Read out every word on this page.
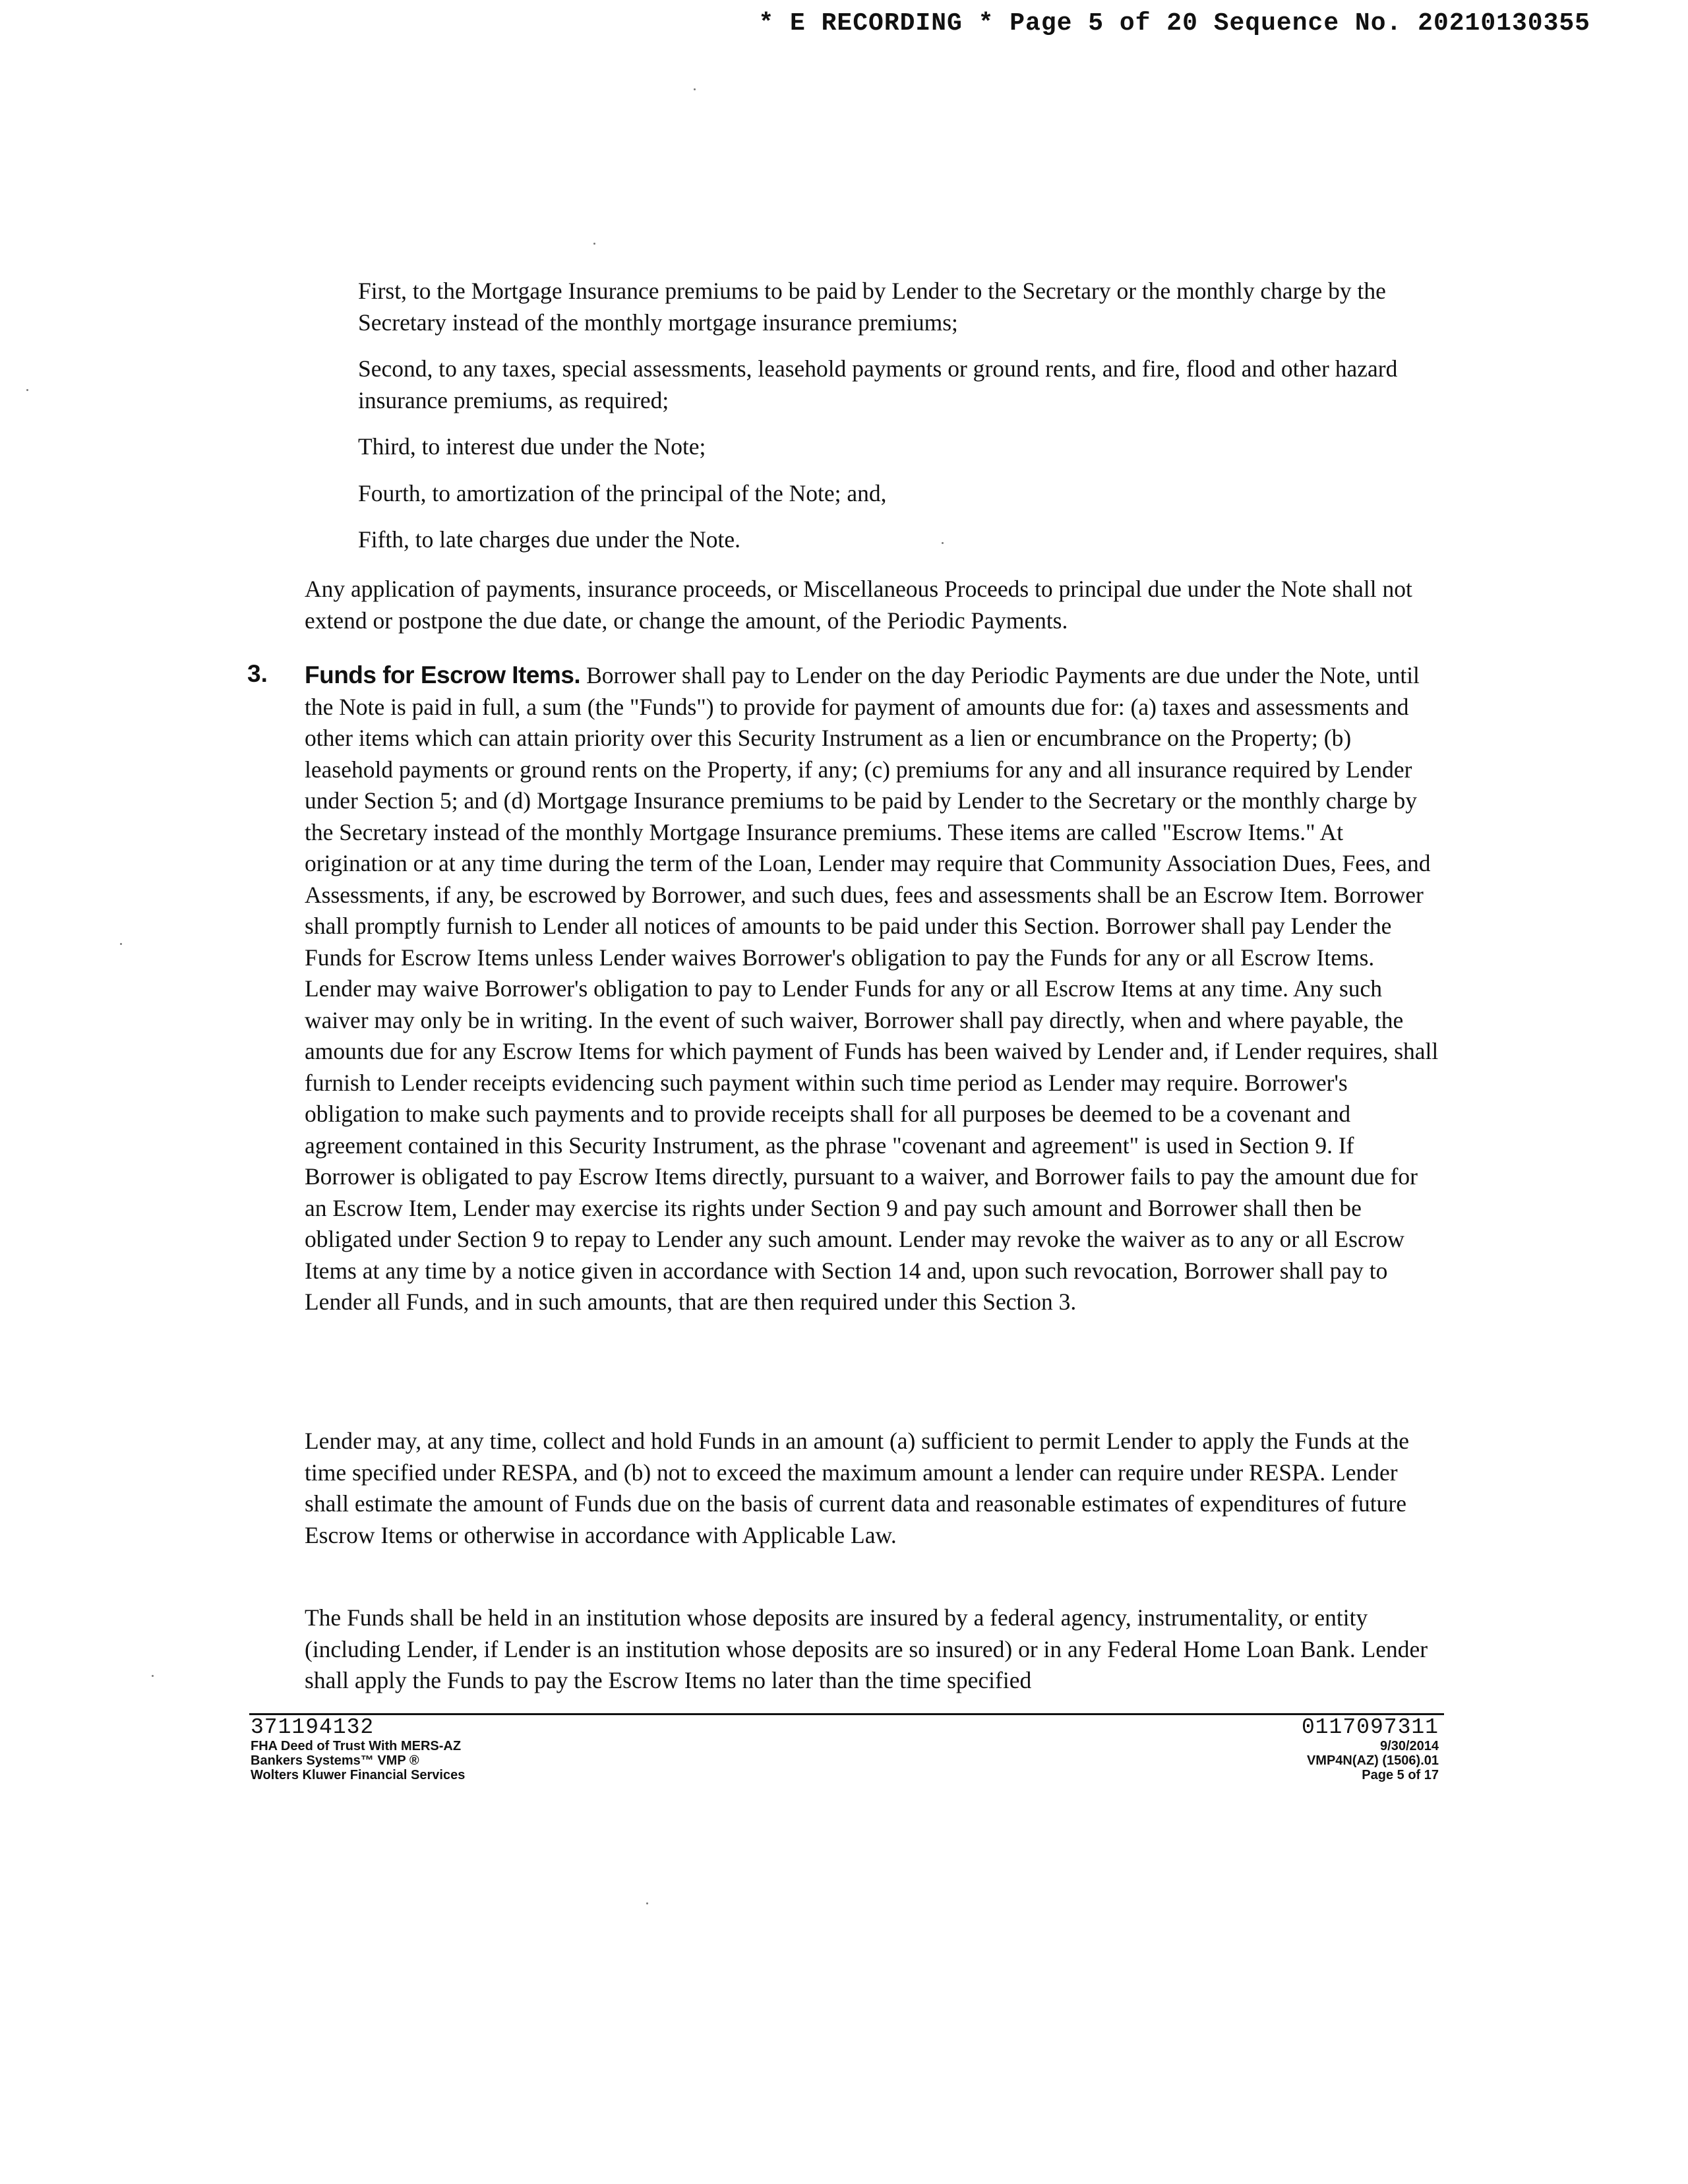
* E RECORDING * Page 5 of 20 Sequence No. 20210130355
First, to the Mortgage Insurance premiums to be paid by Lender to the Secretary or the monthly charge by the Secretary instead of the monthly mortgage insurance premiums;
Second, to any taxes, special assessments, leasehold payments or ground rents, and fire, flood and other hazard insurance premiums, as required;
Third, to interest due under the Note;
Fourth, to amortization of the principal of the Note; and,
Fifth, to late charges due under the Note.

Any application of payments, insurance proceeds, or Miscellaneous Proceeds to principal due under the Note shall not extend or postpone the due date, or change the amount, of the Periodic Payments.

3. Funds for Escrow Items. Borrower shall pay to Lender on the day Periodic Payments are due under the Note, until the Note is paid in full, a sum (the "Funds") to provide for payment of amounts due for: (a) taxes and assessments and other items which can attain priority over this Security Instrument as a lien or encumbrance on the Property; (b) leasehold payments or ground rents on the Property, if any; (c) premiums for any and all insurance required by Lender under Section 5; and (d) Mortgage Insurance premiums to be paid by Lender to the Secretary or the monthly charge by the Secretary instead of the monthly Mortgage Insurance premiums. These items are called "Escrow Items." At origination or at any time during the term of the Loan, Lender may require that Community Association Dues, Fees, and Assessments, if any, be escrowed by Borrower, and such dues, fees and assessments shall be an Escrow Item. Borrower shall promptly furnish to Lender all notices of amounts to be paid under this Section. Borrower shall pay Lender the Funds for Escrow Items unless Lender waives Borrower's obligation to pay the Funds for any or all Escrow Items. Lender may waive Borrower's obligation to pay to Lender Funds for any or all Escrow Items at any time. Any such waiver may only be in writing. In the event of such waiver, Borrower shall pay directly, when and where payable, the amounts due for any Escrow Items for which payment of Funds has been waived by Lender and, if Lender requires, shall furnish to Lender receipts evidencing such payment within such time period as Lender may require. Borrower's obligation to make such payments and to provide receipts shall for all purposes be deemed to be a covenant and agreement contained in this Security Instrument, as the phrase "covenant and agreement" is used in Section 9. If Borrower is obligated to pay Escrow Items directly, pursuant to a waiver, and Borrower fails to pay the amount due for an Escrow Item, Lender may exercise its rights under Section 9 and pay such amount and Borrower shall then be obligated under Section 9 to repay to Lender any such amount. Lender may revoke the waiver as to any or all Escrow Items at any time by a notice given in accordance with Section 14 and, upon such revocation, Borrower shall pay to Lender all Funds, and in such amounts, that are then required under this Section 3.

Lender may, at any time, collect and hold Funds in an amount (a) sufficient to permit Lender to apply the Funds at the time specified under RESPA, and (b) not to exceed the maximum amount a lender can require under RESPA. Lender shall estimate the amount of Funds due on the basis of current data and reasonable estimates of expenditures of future Escrow Items or otherwise in accordance with Applicable Law.

The Funds shall be held in an institution whose deposits are insured by a federal agency, instrumentality, or entity (including Lender, if Lender is an institution whose deposits are so insured) or in any Federal Home Loan Bank. Lender shall apply the Funds to pay the Escrow Items no later than the time specified

371194132
FHA Deed of Trust With MERS-AZ
Bankers Systems™ VMP ®
Wolters Kluwer Financial Services
0117097311
9/30/2014
VMP4N(AZ) (1506).01
Page 5 of 17
